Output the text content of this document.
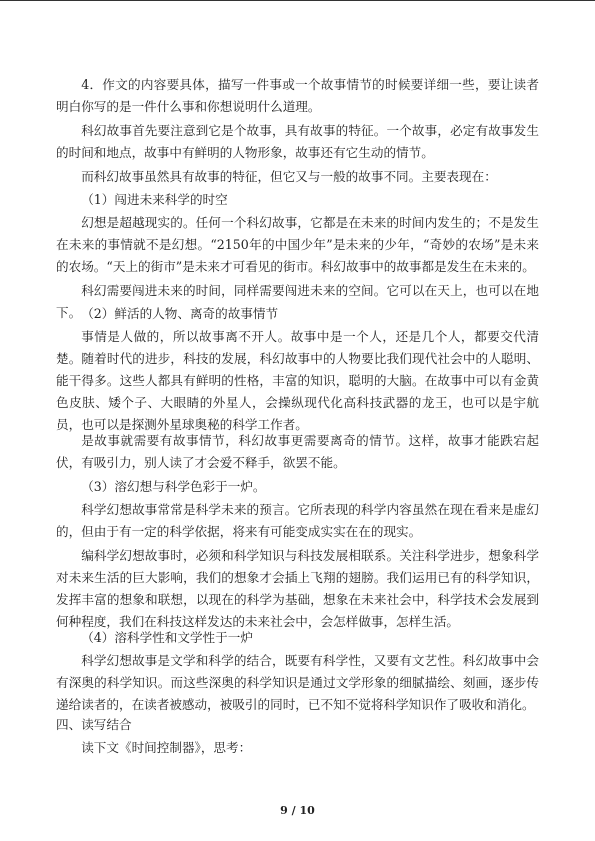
4．作文的内容要具体，描写一件事或一个故事情节的时候要详细一些，要让读者明白你写的是一件什么事和你想说明什么道理。

科幻故事首先要注意到它是个故事，具有故事的特征。一个故事，必定有故事发生的时间和地点，故事中有鲜明的人物形象，故事还有它生动的情节。

而科幻故事虽然具有故事的特征，但它又与一般的故事不同。主要表现在：

（1）闯进未来科学的时空

幻想是超越现实的。任何一个科幻故事，它都是在未来的时间内发生的；不是发生在未来的事情就不是幻想。“2150年的中国少年”是未来的少年，“奇妙的农场”是未来的农场。“天上的街市”是未来才可看见的街市。科幻故事中的故事都是发生在未来的。

科幻需要闯进未来的时间，同样需要闯进未来的空间。它可以在天上，也可以在地下。 （2）鲜活的人物、离奇的故事情节

事情是人做的，所以故事离不开人。故事中是一个人，还是几个人，都要交代清楚。随着时代的进步，科技的发展，科幻故事中的人物要比我们现代社会中的人聪明、能干得多。这些人都具有鲜明的性格，丰富的知识，聪明的大脑。在故事中可以有金黄色皮肤、矮个子、大眼睛的外星人，会操纵现代化高科技武器的龙王，也可以是宇航员，也可以是探测外星球奥秘的科学工作者。

是故事就需要有故事情节，科幻故事更需要离奇的情节。这样，故事才能跌宕起伏，有吸引力，别人读了才会爱不释手，欲罢不能。

（3）溶幻想与科学色彩于一炉。

科学幻想故事常常是科学未来的预言。它所表现的科学内容虽然在现在看来是虚幻的，但由于有一定的科学依据，将来有可能变成实实在在的现实。

编科学幻想故事时，必须和科学知识与科技发展相联系。关注科学进步，想象科学对未来生活的巨大影响，我们的想象才会插上飞翔的翅膀。我们运用已有的科学知识，发挥丰富的想象和联想，以现在的科学为基础，想象在未来社会中，科学技术会发展到何种程度，我们在科技这样发达的未来社会中，会怎样做事，怎样生活。

（4）溶科学性和文学性于一炉

科学幻想故事是文学和科学的结合，既要有科学性，又要有文艺性。科幻故事中会有深奥的科学知识。而这些深奥的科学知识是通过文学形象的细腻描绘、刻画，逐步传递给读者的，在读者被感动，被吸引的同时，已不知不觉将科学知识作了吸收和消化。

四、读写结合

读下文《时间控制器》，思考：

9 / 10
